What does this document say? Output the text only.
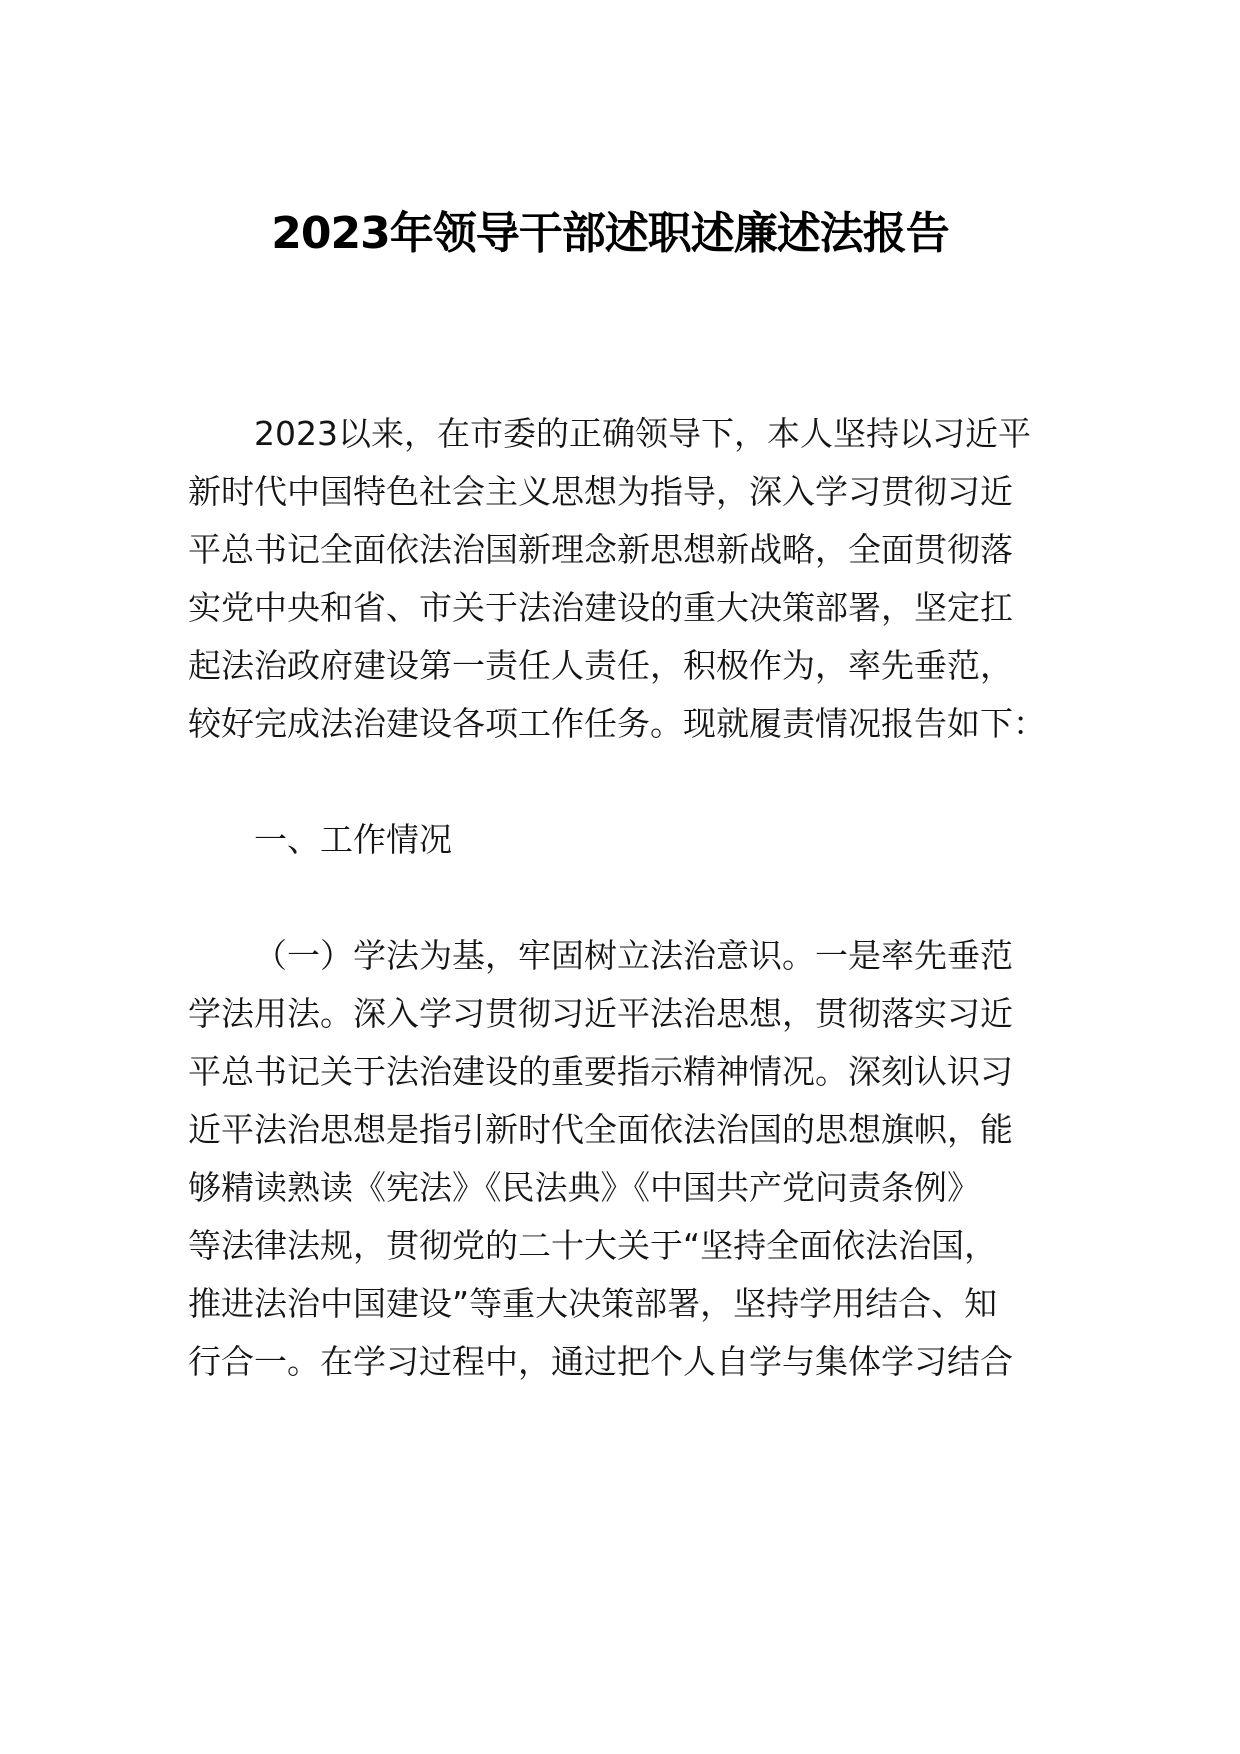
2023年领导干部述职述廉述法报告
2023以来，在市委的正确领导下，本人坚持以习近平
新时代中国特色社会主义思想为指导，深入学习贯彻习近
平总书记全面依法治国新理念新思想新战略，全面贯彻落
实党中央和省、市关于法治建设的重大决策部署，坚定扛
起法治政府建设第一责任人责任，积极作为，率先垂范，
较好完成法治建设各项工作任务。现就履责情况报告如下：
一、工作情况
（一）学法为基，牢固树立法治意识。一是率先垂范
学法用法。深入学习贯彻习近平法治思想，贯彻落实习近
平总书记关于法治建设的重要指示精神情况。深刻认识习
近平法治思想是指引新时代全面依法治国的思想旗帜，能
够精读熟读《宪法》《民法典》《中国共产党问责条例》
等法律法规，贯彻党的二十大关于“坚持全面依法治国，
推进法治中国建设”等重大决策部署，坚持学用结合、知
行合一。在学习过程中，通过把个人自学与集体学习结合
